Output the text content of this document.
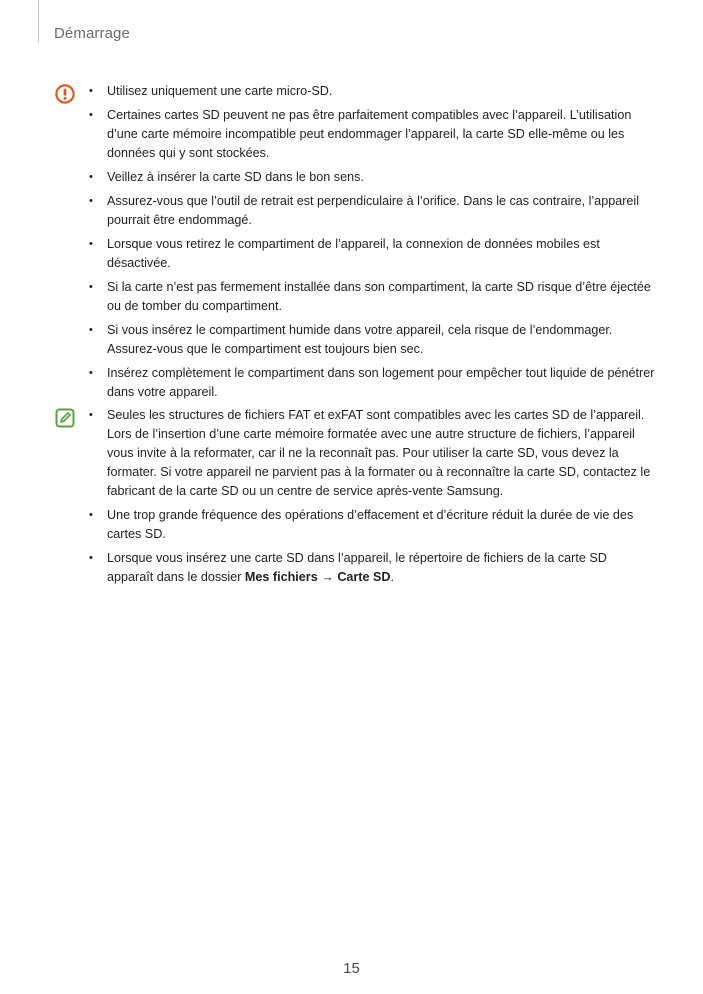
Démarrage
• Utilisez uniquement une carte micro-SD.
• Certaines cartes SD peuvent ne pas être parfaitement compatibles avec l’appareil. L’utilisation d’une carte mémoire incompatible peut endommager l’appareil, la carte SD elle-même ou les données qui y sont stockées.
• Veillez à insérer la carte SD dans le bon sens.
• Assurez-vous que l’outil de retrait est perpendiculaire à l’orifice. Dans le cas contraire, l’appareil pourrait être endommagé.
• Lorsque vous retirez le compartiment de l’appareil, la connexion de données mobiles est désactivée.
• Si la carte n’est pas fermement installée dans son compartiment, la carte SD risque d’être éjectée ou de tomber du compartiment.
• Si vous insérez le compartiment humide dans votre appareil, cela risque de l’endommager. Assurez-vous que le compartiment est toujours bien sec.
• Insérez complètement le compartiment dans son logement pour empêcher tout liquide de pénétrer dans votre appareil.
• Seules les structures de fichiers FAT et exFAT sont compatibles avec les cartes SD de l’appareil. Lors de l’insertion d’une carte mémoire formatée avec une autre structure de fichiers, l’appareil vous invite à la reformater, car il ne la reconnaît pas. Pour utiliser la carte SD, vous devez la formater. Si votre appareil ne parvient pas à la formater ou à reconnaître la carte SD, contactez le fabricant de la carte SD ou un centre de service après-vente Samsung.
• Une trop grande fréquence des opérations d’effacement et d’écriture réduit la durée de vie des cartes SD.
• Lorsque vous insérez une carte SD dans l’appareil, le répertoire de fichiers de la carte SD apparaît dans le dossier Mes fichiers → Carte SD.
15
